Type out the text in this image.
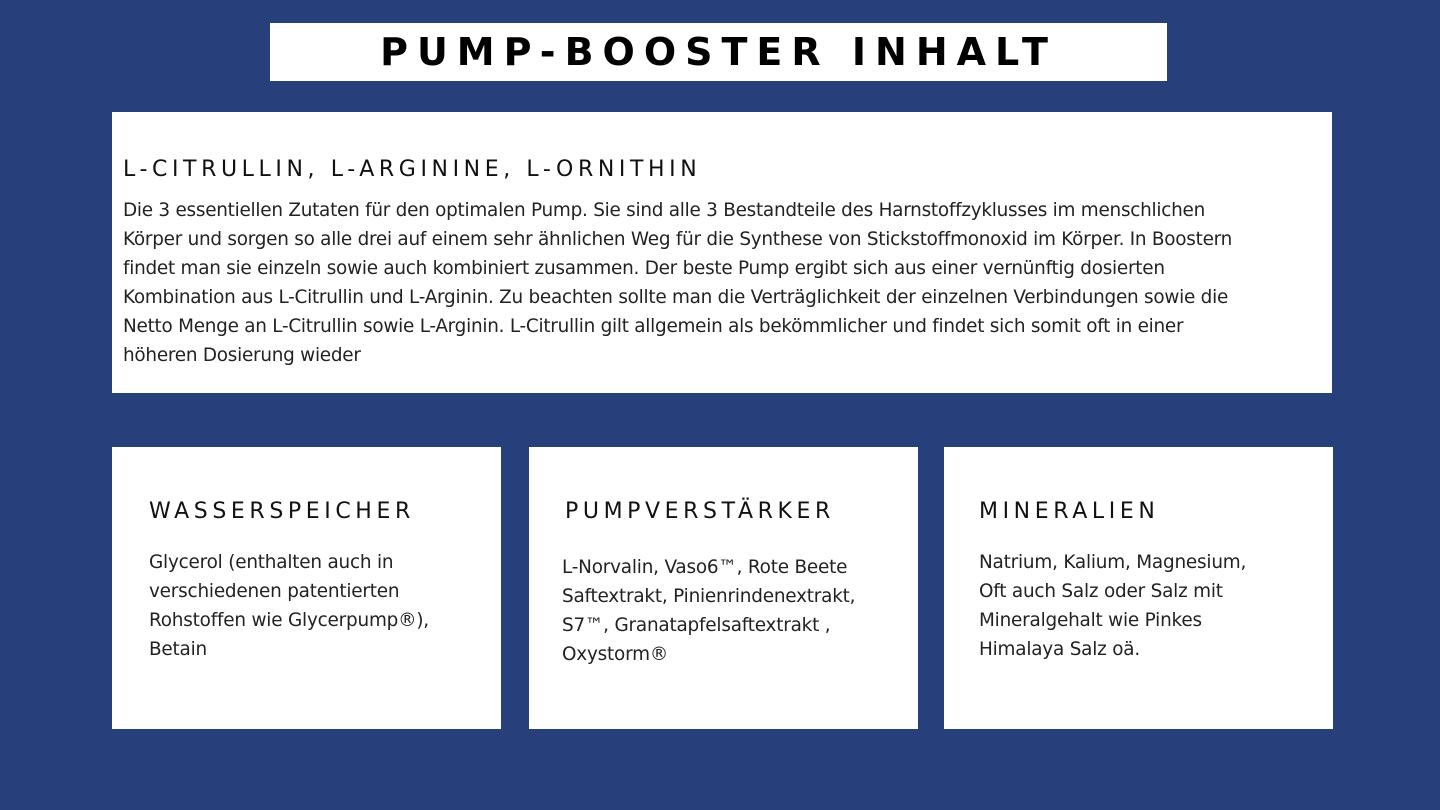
PUMP-BOOSTER INHALT
L-CITRULLIN, L-ARGININE, L-ORNITHIN
Die 3 essentiellen Zutaten für den optimalen Pump. Sie sind alle 3 Bestandteile des Harnstoffzyklusses im menschlichen
Körper und sorgen so alle drei auf einem sehr ähnlichen Weg für die Synthese von Stickstoffmonoxid im Körper. In Boostern
findet man sie einzeln sowie auch kombiniert zusammen. Der beste Pump ergibt sich aus einer vernünftig dosierten
Kombination aus L-Citrullin und L-Arginin. Zu beachten sollte man die Verträglichkeit der einzelnen Verbindungen sowie die
Netto Menge an L-Citrullin sowie L-Arginin. L-Citrullin gilt allgemein als bekömmlicher und findet sich somit oft in einer
höheren Dosierung wieder
WASSERSPEICHER
Glycerol (enthalten auch in
verschiedenen patentierten
Rohstoffen wie Glycerpump®),
Betain
PUMPVERSTÄRKER
L-Norvalin, Vaso6™, Rote Beete
Saftextrakt, Pinienrindenextrakt,
S7™, Granatapfelsaftextrakt ,
Oxystorm®
MINERALIEN
Natrium, Kalium, Magnesium,
Oft auch Salz oder Salz mit
Mineralgehalt wie Pinkes
Himalaya Salz oä.
